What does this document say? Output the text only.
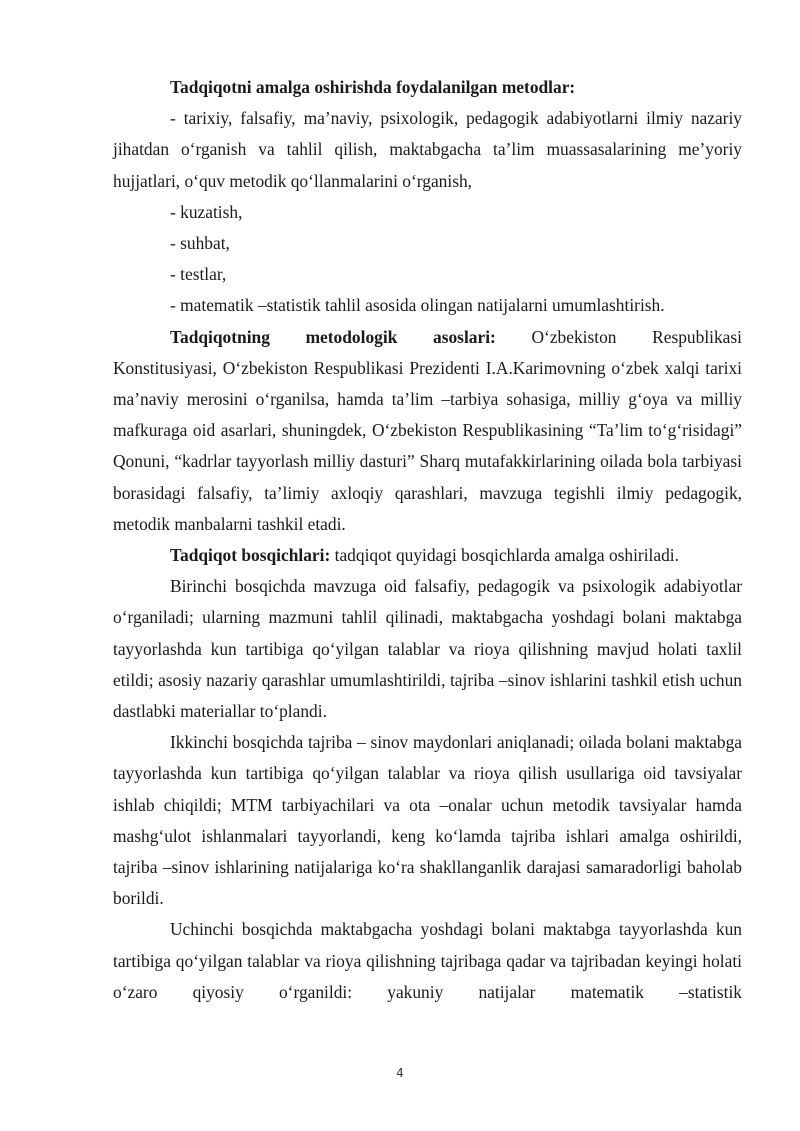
Tadqiqotni amalga oshirishda foydalanilgan metodlar:

- tarixiy, falsafiy, ma’naviy, psixologik, pedagogik adabiyotlarni ilmiy nazariy jihatdan o‘rganish va tahlil qilish, maktabgacha ta’lim muassasalarining me’yoriy hujjatlari, o‘quv metodik qo‘llanmalarini o‘rganish,

- kuzatish,

- suhbat,

- testlar,

- matematik –statistik tahlil asosida olingan natijalarni umumlashtirish.

Tadqiqotning metodologik asoslari: O‘zbekiston Respublikasi

Konstitusiyasi, O‘zbekiston Respublikasi Prezidenti I.A.Karimovning o‘zbek xalqi tarixi ma’naviy merosini o‘rganilsa, hamda ta’lim –tarbiya sohasiga, milliy g‘oya va milliy mafkuraga oid asarlari, shuningdek, O‘zbekiston Respublikasining “Ta’lim to‘g‘risidagi” Qonuni, “kadrlar tayyorlash milliy dasturi” Sharq mutafakkirlarining oilada bola tarbiyasi borasidagi falsafiy, ta’limiy axloqiy qarashlari, mavzuga tegishli ilmiy pedagogik, metodik manbalarni tashkil etadi.

Tadqiqot bosqichlari: tadqiqot quyidagi bosqichlarda amalga oshiriladi.

Birinchi bosqichda mavzuga oid falsafiy, pedagogik va psixologik adabiyotlar o‘rganiladi; ularning mazmuni tahlil qilinadi, maktabgacha yoshdagi bolani maktabga tayyorlashda kun tartibiga qo‘yilgan talablar va rioya qilishning mavjud holati taxlil etildi; asosiy nazariy qarashlar umumlashtirildi, tajriba –sinov ishlarini tashkil etish uchun dastlabki materiallar to‘plandi.

Ikkinchi bosqichda tajriba – sinov maydonlari aniqlanadi; oilada bolani maktabga tayyorlashda kun tartibiga qo‘yilgan talablar va rioya qilish usullariga oid tavsiyalar ishlab chiqildi; MTM tarbiyachilari va ota –onalar uchun metodik tavsiyalar hamda mashg‘ulot ishlanmalari tayyorlandi, keng ko‘lamda tajriba ishlari amalga oshirildi, tajriba –sinov ishlarining natijalariga ko‘ra shakllanganlik darajasi samaradorligi baholab borildi.

Uchinchi bosqichda maktabgacha yoshdagi bolani maktabga tayyorlashda kun tartibiga qo‘yilgan talablar va rioya qilishning tajribaga qadar va tajribadan keyingi holati o‘zaro qiyosiy o‘rganildi: yakuniy natijalar matematik –statistik

4
